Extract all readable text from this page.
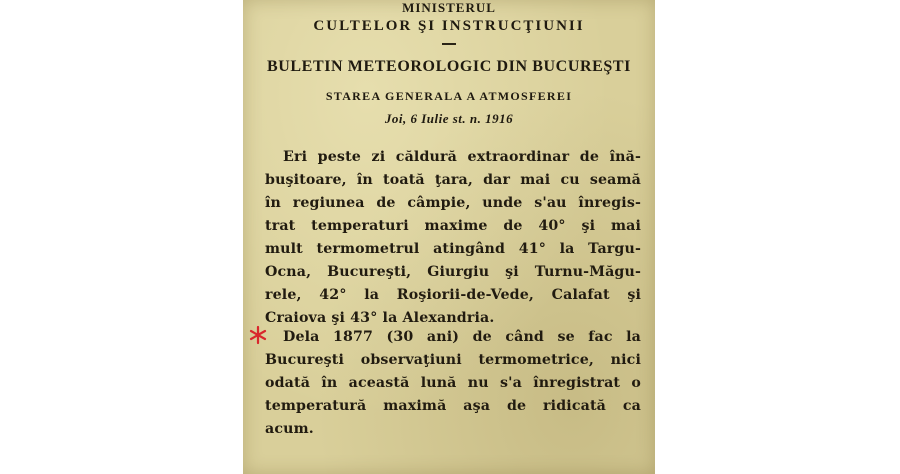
MINISTERUL
CULTELOR ŞI INSTRUCŢIUNII
BULETIN METEOROLOGIC DIN BUCUREŞTI
STAREA GENERALA A ATMOSFEREI
Joi, 6 Iulie st. n. 1916
Eri peste zi căldură extraordinar de înă-
buşitoare, în toată ţara, dar mai cu seamă
în regiunea de câmpie, unde s'au înregis-
trat temperaturi maxime de 40° şi mai
mult termometrul atingând 41° la Targu-
Ocna, Bucureşti, Giurgiu şi Turnu-Măgu-
rele, 42° la Roşiorii-de-Vede, Calafat şi
Craiova şi 43° la Alexandria.
Dela 1877 (30 ani) de când se fac la
Bucureşti observaţiuni termometrice, nici
odată în această lună nu s'a înregistrat o
temperatură maximă aşa de ridicată ca
acum.
